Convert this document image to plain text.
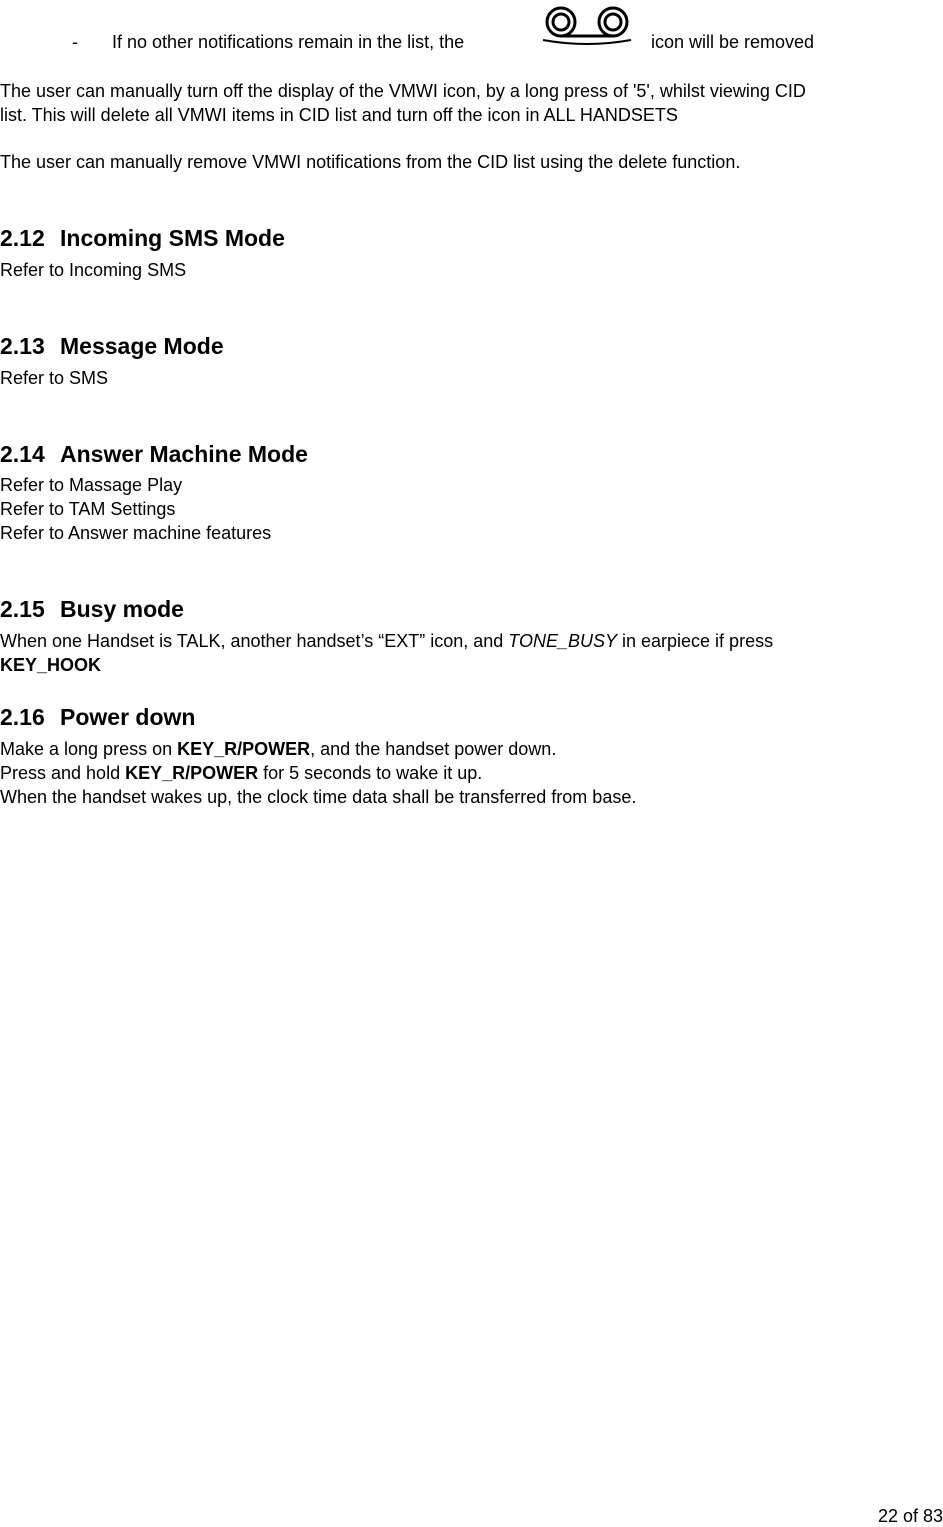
- If no other notifications remain in the list, the	icon will be removed
The user can manually turn off the display of the VMWI icon, by a long press of '5', whilst viewing CID
list. This will delete all VMWI items in CID list and turn off the icon in ALL HANDSETS
The user can manually remove VMWI notifications from the CID list using the delete function.
2.12 Incoming SMS Mode
Refer to Incoming SMS
2.13 Message Mode
Refer to SMS
2.14 Answer Machine Mode
Refer to Massage Play
Refer to TAM Settings
Refer to Answer machine features
2.15 Busy mode
When one Handset is TALK, another handset’s “EXT” icon, and TONE_BUSY in earpiece if press
KEY_HOOK
2.16 Power down
Make a long press on KEY_R/POWER, and the handset power down.
Press and hold KEY_R/POWER for 5 seconds to wake it up.
When the handset wakes up, the clock time data shall be transferred from base.
22 of 83
